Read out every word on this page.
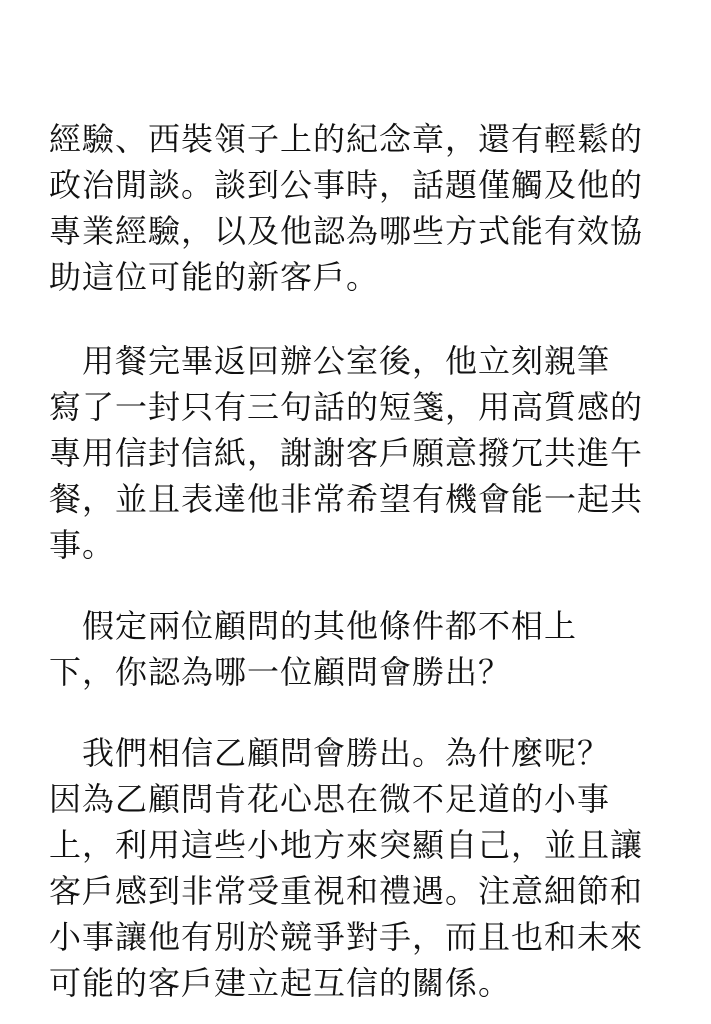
經驗、西裝領子上的紀念章，還有輕鬆的
政治閒談。談到公事時，話題僅觸及他的
專業經驗，以及他認為哪些方式能有效協
助這位可能的新客戶。
　用餐完畢返回辦公室後，他立刻親筆
寫了一封只有三句話的短箋，用高質感的
專用信封信紙，謝謝客戶願意撥冗共進午
餐，並且表達他非常希望有機會能一起共
事。
　假定兩位顧問的其他條件都不相上
下，你認為哪一位顧問會勝出？
　我們相信乙顧問會勝出。為什麼呢？
因為乙顧問肯花心思在微不足道的小事
上，利用這些小地方來突顯自己，並且讓
客戶感到非常受重視和禮遇。注意細節和
小事讓他有別於競爭對手，而且也和未來
可能的客戶建立起互信的關係。
